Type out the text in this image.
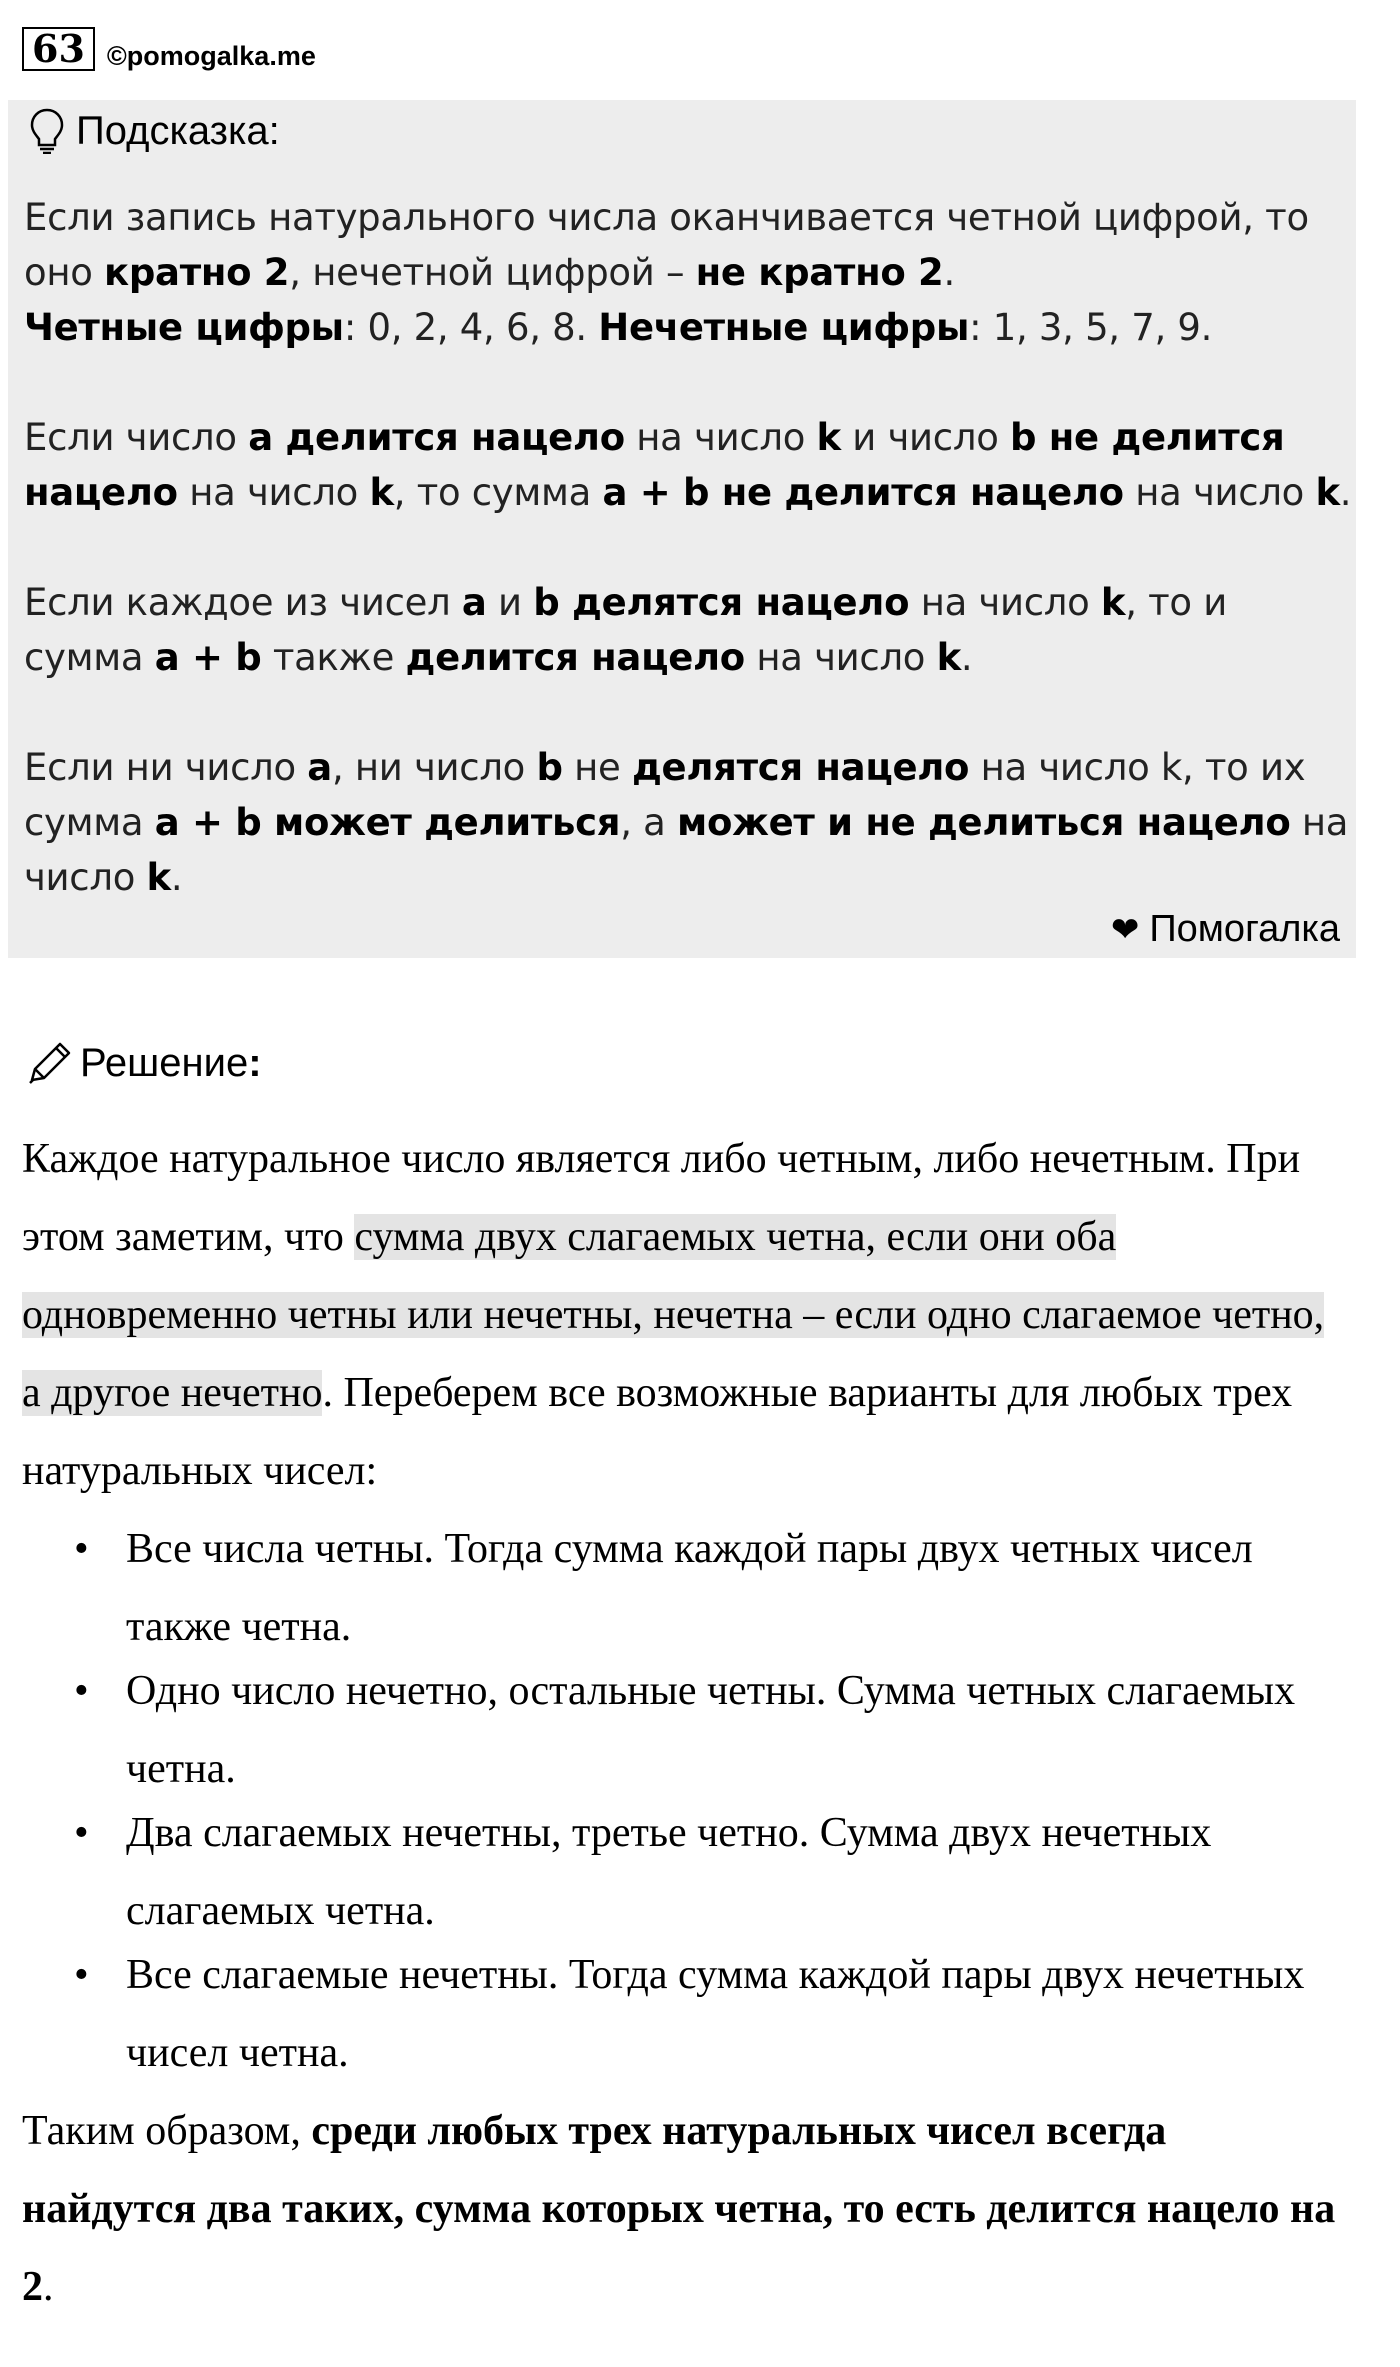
63 ©pomogalka.me
Подсказка:

Если запись натурального числа оканчивается четной цифрой, то оно кратно 2, нечетной цифрой – не кратно 2.

Четные цифры: 0, 2, 4, 6, 8. Нечетные цифры: 1, 3, 5, 7, 9.

Если число a делится нацело на число k и число b не делится нацело на число k, то сумма a + b не делится нацело на число k.

Если каждое из чисел a и b делятся нацело на число k, то и сумма a + b также делится нацело на число k.

Если ни число a, ни число b не делятся нацело на число k, то их сумма a + b может делиться, а может и не делиться нацело на число k.

❤ Помогалка
Решение :

Каждое натуральное число является либо четным, либо нечетным. При этом заметим, что сумма двух слагаемых четна, если они оба одновременно четны или нечетны, нечетна – если одно слагаемое четно, а другое нечетно. Переберем все возможные варианты для любых трех натуральных чисел:

• Все числа четны. Тогда сумма каждой пары двух четных чисел также четна.
• Одно число нечетно, остальные четны. Сумма четных слагаемых четна.
• Два слагаемых нечетны, третье четно. Сумма двух нечетных слагаемых четна.
• Все слагаемые нечетны. Тогда сумма каждой пары двух нечетных чисел четна.

Таким образом, среди любых трех натуральных чисел всегда найдутся два таких, сумма которых четна, то есть делится нацело на 2.
